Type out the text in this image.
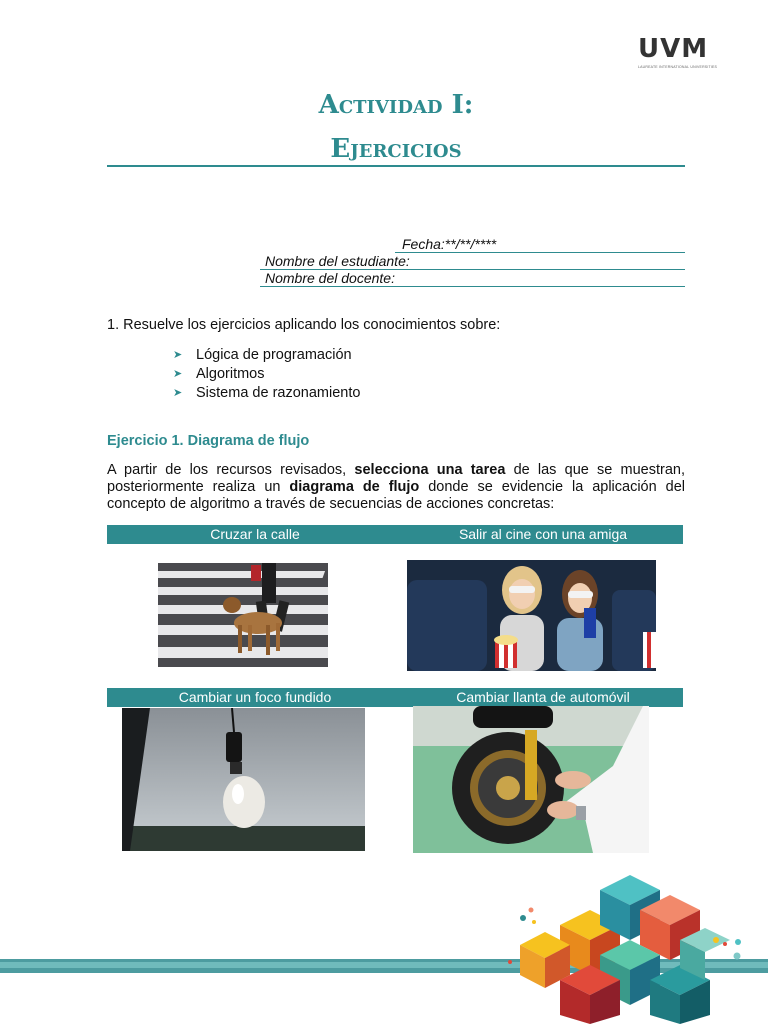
UVM
LAUREATE INTERNATIONAL UNIVERSITIES
Actividad I:
Ejercicios
Fecha:**/**/****
Nombre del estudiante:
Nombre del docente:
1. Resuelve los ejercicios aplicando los conocimientos sobre:
➤ Lógica de programación
➤ Algoritmos
➤ Sistema de razonamiento
Ejercicio 1. Diagrama de flujo

A partir de los recursos revisados, selecciona una tarea de las que se muestran, posteriormente realiza un diagrama de flujo donde se evidencie la aplicación del concepto de algoritmo a través de secuencias de acciones concretas:

Cruzar la calle	Salir al cine con una amiga
Cambiar un foco fundido	Cambiar llanta de automóvil
